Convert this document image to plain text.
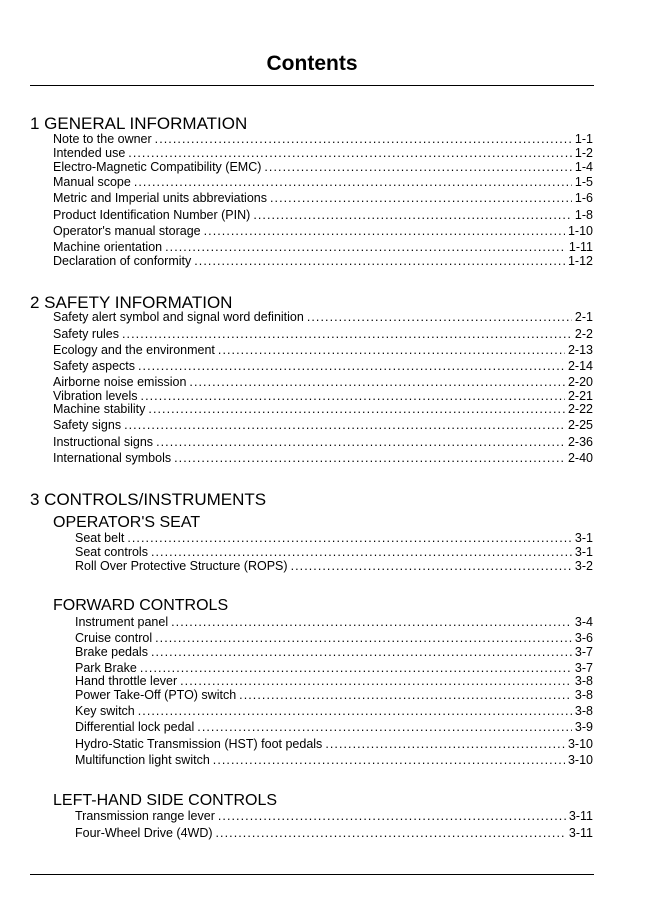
Contents
1 GENERAL INFORMATION
Note to the owner . . .	1-1
Intended use . . .	1-2
Electro-Magnetic Compatibility (EMC) . . .	1-4
Manual scope . . .	1-5
Metric and Imperial units abbreviations . . .	1-6
Product Identification Number (PIN) . . .	1-8
Operator's manual storage . . .	1-10
Machine orientation . . .	1-11
Declaration of conformity . . .	1-12
2 SAFETY INFORMATION
Safety alert symbol and signal word definition . . .	2-1
Safety rules . . .	2-2
Ecology and the environment . . .	2-13
Safety aspects . . .	2-14
Airborne noise emission . . .	2-20
Vibration levels . . .	2-21
Machine stability . . .	2-22
Safety signs . . .	2-25
Instructional signs . . .	2-36
International symbols . . .	2-40
3 CONTROLS/INSTRUMENTS
OPERATOR'S SEAT
Seat belt . . .	3-1
Seat controls . . .	3-1
Roll Over Protective Structure (ROPS) . . .	3-2
FORWARD CONTROLS
Instrument panel . . .	3-4
Cruise control . . .	3-6
Brake pedals . . .	3-7
Park Brake . . .	3-7
Hand throttle lever . . .	3-8
Power Take-Off (PTO) switch . . .	3-8
Key switch . . .	3-8
Differential lock pedal . . .	3-9
Hydro-Static Transmission (HST) foot pedals . . .	3-10
Multifunction light switch . . .	3-10
LEFT-HAND SIDE CONTROLS
Transmission range lever . . .	3-11
Four-Wheel Drive (4WD) . . .	3-11
